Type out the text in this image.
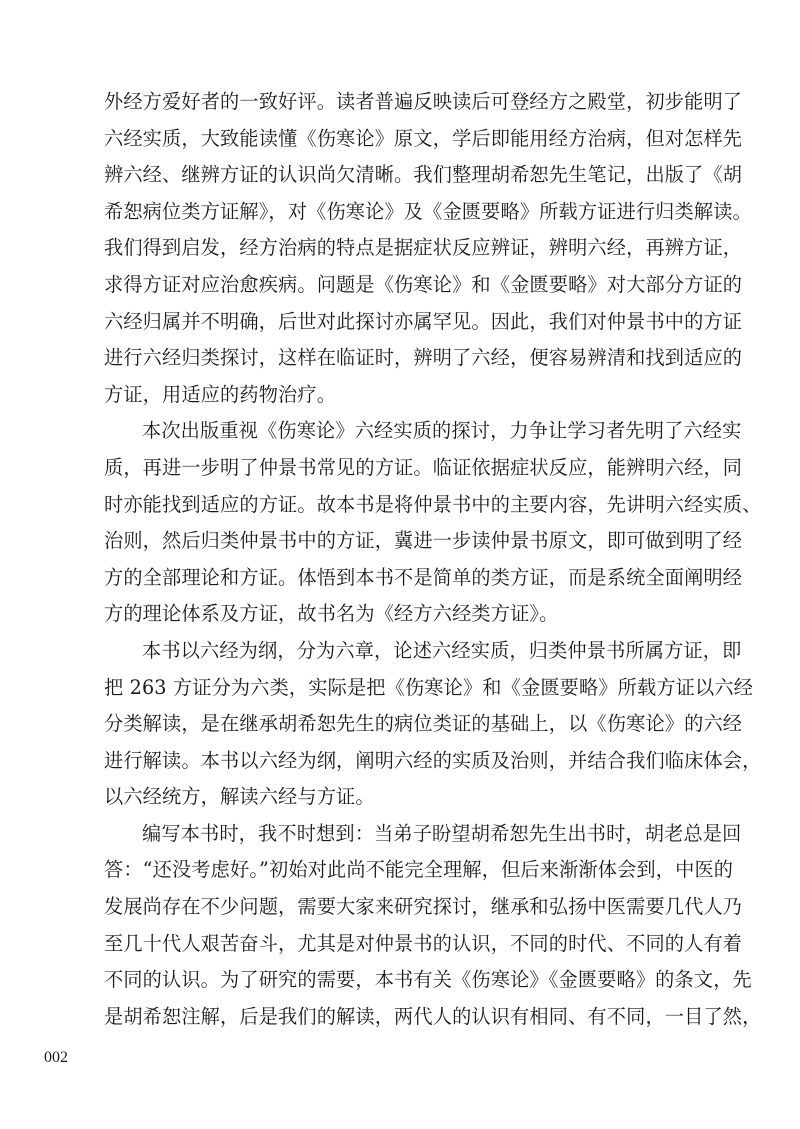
外经方爱好者的一致好评。读者普遍反映读后可登经方之殿堂，初步能明了
六经实质，大致能读懂《伤寒论》原文，学后即能用经方治病，但对怎样先
辨六经、继辨方证的认识尚欠清晰。我们整理胡希恕先生笔记，出版了《胡
希恕病位类方证解》，对《伤寒论》及《金匮要略》所载方证进行归类解读。
我们得到启发，经方治病的特点是据症状反应辨证，辨明六经，再辨方证，
求得方证对应治愈疾病。问题是《伤寒论》和《金匮要略》对大部分方证的
六经归属并不明确，后世对此探讨亦属罕见。因此，我们对仲景书中的方证
进行六经归类探讨，这样在临证时，辨明了六经，便容易辨清和找到适应的
方证，用适应的药物治疗。
本次出版重视《伤寒论》六经实质的探讨，力争让学习者先明了六经实
质，再进一步明了仲景书常见的方证。临证依据症状反应，能辨明六经，同
时亦能找到适应的方证。故本书是将仲景书中的主要内容，先讲明六经实质、
治则，然后归类仲景书中的方证，冀进一步读仲景书原文，即可做到明了经
方的全部理论和方证。体悟到本书不是简单的类方证，而是系统全面阐明经
方的理论体系及方证，故书名为《经方六经类方证》。
本书以六经为纲，分为六章，论述六经实质，归类仲景书所属方证，即
把 263 方证分为六类，实际是把《伤寒论》和《金匮要略》所载方证以六经
分类解读，是在继承胡希恕先生的病位类证的基础上，以《伤寒论》的六经
进行解读。本书以六经为纲，阐明六经的实质及治则，并结合我们临床体会，
以六经统方，解读六经与方证。
编写本书时，我不时想到：当弟子盼望胡希恕先生出书时，胡老总是回
答：“还没考虑好。”初始对此尚不能完全理解，但后来渐渐体会到，中医的
发展尚存在不少问题，需要大家来研究探讨，继承和弘扬中医需要几代人乃
至几十代人艰苦奋斗，尤其是对仲景书的认识，不同的时代、不同的人有着
不同的认识。为了研究的需要，本书有关《伤寒论》《金匮要略》的条文，先
是胡希恕注解，后是我们的解读，两代人的认识有相同、有不同，一目了然，
002
